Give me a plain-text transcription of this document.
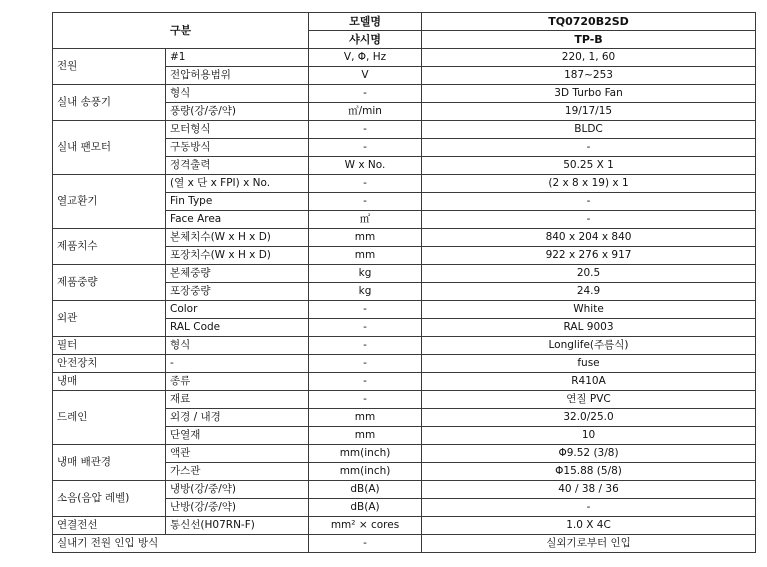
구분		모델명	TQ0720B2SD
		샤시명	TP-B
전원	#1	V, Φ, Hz	220, 1, 60
	전압허용범위	V	187~253
실내 송풍기	형식	-	3D Turbo Fan
	풍량(강/중/약)	㎥/min	19/17/15
실내 팬모터	모터형식	-	BLDC
	구동방식	-	-
	정격출력	W x No.	50.25 X 1
열교환기	(열 x 단 x FPI) x No.	-	(2 x 8 x 19) x 1
	Fin Type	-	-
	Face Area	㎡	-
제품치수	본체치수(W x H x D)	mm	840 x 204 x 840
	포장치수(W x H x D)	mm	922 x 276 x 917
제품중량	본체중량	kg	20.5
	포장중량	kg	24.9
외관	Color	-	White
	RAL Code	-	RAL 9003
필터	형식	-	Longlife(주름식)
안전장치	-	-	fuse
냉매	종류	-	R410A
드레인	재료	-	연질 PVC
	외경 / 내경	mm	32.0/25.0
	단열재	mm	10
냉매 배관경	액관	mm(inch)	Φ9.52 (3/8)
	가스관	mm(inch)	Φ15.88 (5/8)
소음(음압 레벨)	냉방(강/중/약)	dB(A)	40 / 38 / 36
	난방(강/중/약)	dB(A)	-
연결전선	통신선(H07RN-F)	mm² × cores	1.0 X 4C
실내기 전원 인입 방식		-	실외기로부터 인입
